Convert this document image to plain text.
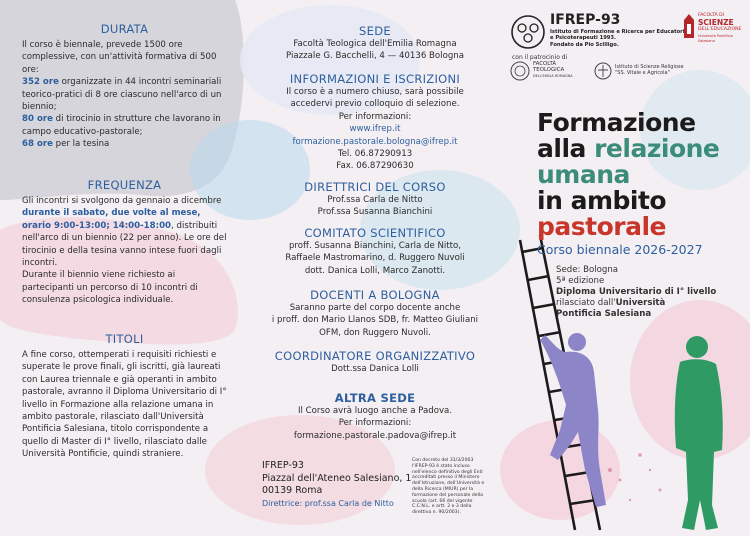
DURATA

Il corso è biennale, prevede 1500 ore complessive, con un'attività formativa di 500 ore:
352 ore organizzate in 44 incontri seminariali teorico-pratici di 8 ore ciascuno nell'arco di un biennio;
80 ore di tirocinio in strutture che lavorano in campo educativo-pastorale;
68 ore per la tesina

FREQUENZA

Gli incontri si svolgono da gennaio a dicembre
durante il sabato, due volte al mese, orario 9:00-13:00; 14:00-18:00, distribuiti nell'arco di un biennio (22 per anno). Le ore del tirocinio e della tesina vanno intese fuori dagli incontri.
Durante il biennio viene richiesto ai partecipanti un percorso di 10 incontri di consulenza psicologica individuale.

TITOLI

A fine corso, ottemperati i requisiti richiesti e superate le prove finali, gli iscritti, già laureati con Laurea triennale e già operanti in ambito pastorale, avranno il Diploma Universitario di I° livello in Formazione alla relazione umana in ambito pastorale, rilasciato dall'Università Pontificia Salesiana, titolo corrispondente a quello di Master di I° livello, rilasciato dalle Università Pontificie, quindi straniere.

SEDE

Facoltà Teologica dell'Emilia Romagna

Piazzale G. Bacchelli, 4 — 40136 Bologna

INFORMAZIONI E ISCRIZIONI

Il corso è a numero chiuso, sarà possibile

accedervi previo colloquio di selezione.

Per informazioni:

www.ifrep.it

formazione.pastorale.bologna@ifrep.it

Tel. 06.87290913

Fax. 06.87290630

DIRETTRICI DEL CORSO

Prof.ssa Carla de Nitto

Prof.ssa Susanna Bianchini

COMITATO SCIENTIFICO

proff. Susanna Bianchini, Carla de Nitto,

Raffaele Mastromarino, d. Ruggero Nuvoli

dott. Danica Lolli, Marco Zanotti.

DOCENTI A BOLOGNA

Saranno parte del corpo docente anche

i proff. don Mario Llanos SDB, fr. Matteo Giuliani

OFM, don Ruggero Nuvoli.

COORDINATORE ORGANIZZATIVO

Dott.ssa Danica Lolli

ALTRA SEDE

Il Corso avrà luogo anche a Padova.

Per informazioni:

formazione.pastorale.padova@ifrep.it

IFREP-93

Piazzal dell'Ateneo Salesiano, 1

00139 Roma

Direttrice: prof.ssa Carla de Nitto

Con decreto del 31/3/2003 l'IFREP-93 è stato incluso nell'elenco definitivo degli Enti accreditati presso il Ministero dell'Istruzione, dell'Università e della Ricerca (MIUR) per la formazione del personale della scuola (art. 66 del vigente C.C.N.L. e artt. 2 e 3 della direttiva n. 90/2003).

IFREP-93
Istituto di Formazione e Ricerca per Educatori
e Psicoterapeuti 1993.
Fondato da Pio Scilligo.
FACOLTÀ DI
SCIENZE
DELL'EDUCAZIONE
Università Pontificia Salesiana
con il patrocinio di
FACOLTÀ
TEOLOGICA
DELL'EMILIA ROMAGNA
Istituto di Scienze Religiose
"SS. Vitale e Agricola"

Formazione

alla relazione

umana

in ambito

pastorale

Corso biennale 2026-2027

Sede: Bologna

5ª edizione

Diploma Universitario di I° livello

rilasciato dall'Università

Pontificia Salesiana
